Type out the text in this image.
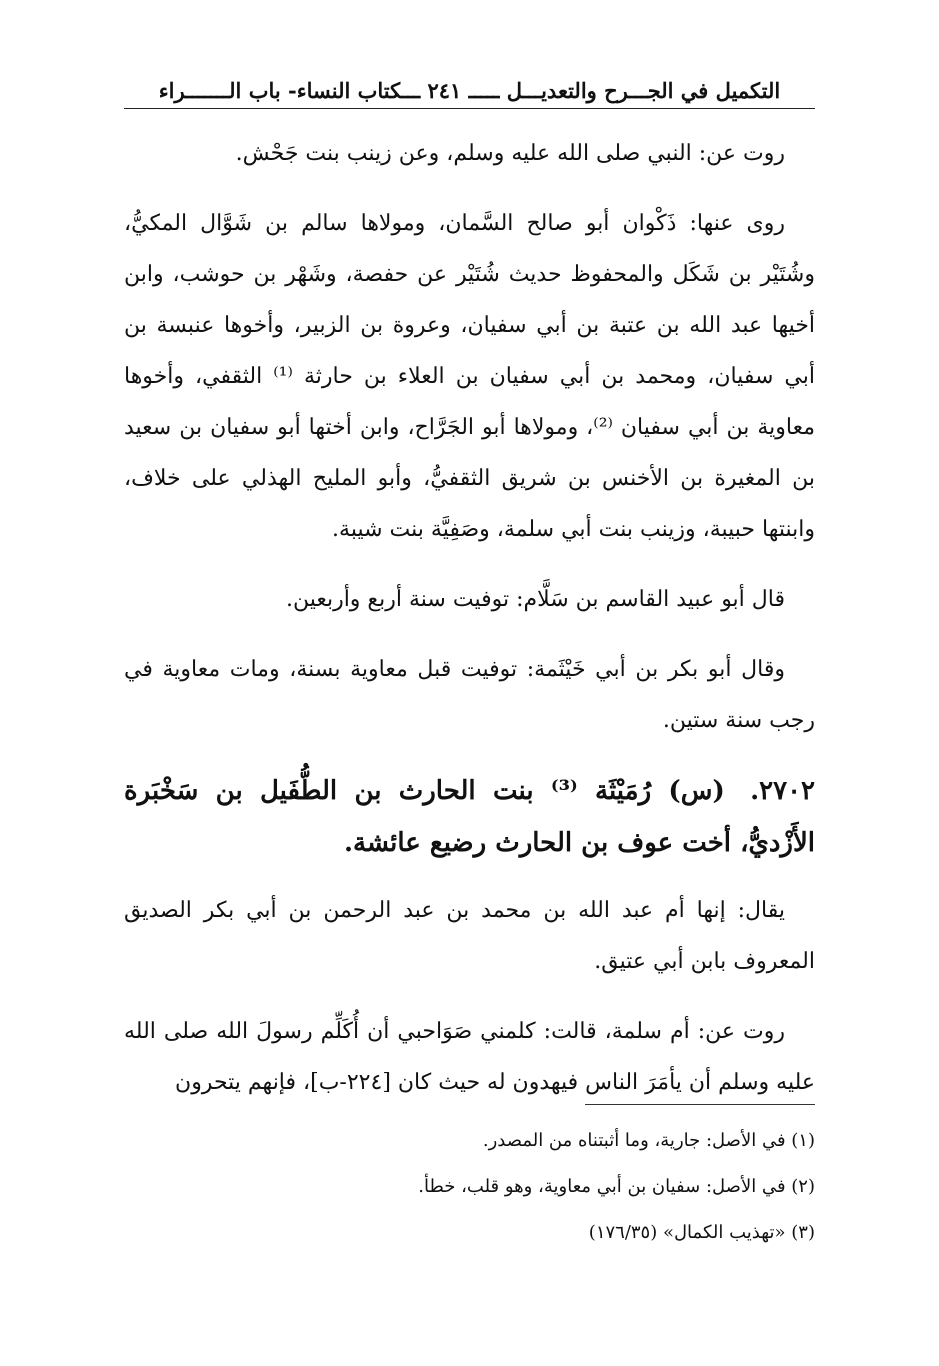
التكميل في الجـــرح والتعديـــل ـــــ ٢٤١ ـــكتاب النساء- باب الـــــــراء

روت عن: النبي صلى الله عليه وسلم، وعن زينب بنت جَحْش.

روى عنها: ذَكْوان أبو صالح السَّمان، ومولاها سالم بن شَوَّال المكيُّ، وشُتَيْر بن شَكَل والمحفوظ حديث شُتَيْر عن حفصة، وشَهْر بن حوشب، وابن أخيها عبد الله بن عتبة بن أبي سفيان، وعروة بن الزبير، وأخوها عنبسة بن أبي سفيان، ومحمد بن أبي سفيان بن العلاء بن حارثة ⁽¹⁾ الثقفي، وأخوها معاوية بن أبي سفيان ⁽²⁾، ومولاها أبو الجَرَّاح، وابن أختها أبو سفيان بن سعيد بن المغيرة بن الأخنس بن شريق الثقفيُّ، وأبو المليح الهذلي على خلاف، وابنتها حبيبة، وزينب بنت أبي سلمة، وصَفِيَّة بنت شيبة.

قال أبو عبيد القاسم بن سَلَّام: توفيت سنة أربع وأربعين.

وقال أبو بكر بن أبي خَيْثَمة: توفيت قبل معاوية بسنة، ومات معاوية في رجب سنة ستين.

٢٧٠٢. (س) رُمَيْثَة ⁽³⁾ بنت الحارث بن الطُّفَيل بن سَخْبَرة الأَزْديُّ، أخت عوف بن الحارث رضيع عائشة.

يقال: إنها أم عبد الله بن محمد بن عبد الرحمن بن أبي بكر الصديق المعروف بابن أبي عتيق.

روت عن: أم سلمة، قالت: كلمني صَوَاحبي أن أُكَلِّم رسولَ الله صلى الله عليه وسلم أن يأمَرَ الناس فيهدون له حيث كان [٢٢٤-ب]، فإنهم يتحرون

(١) في الأصل: جارية، وما أثبتناه من المصدر.

(٢) في الأصل: سفيان بن أبي معاوية، وهو قلب، خطأ.

(٣) «تهذيب الكمال» (١٧٦/٣٥)
